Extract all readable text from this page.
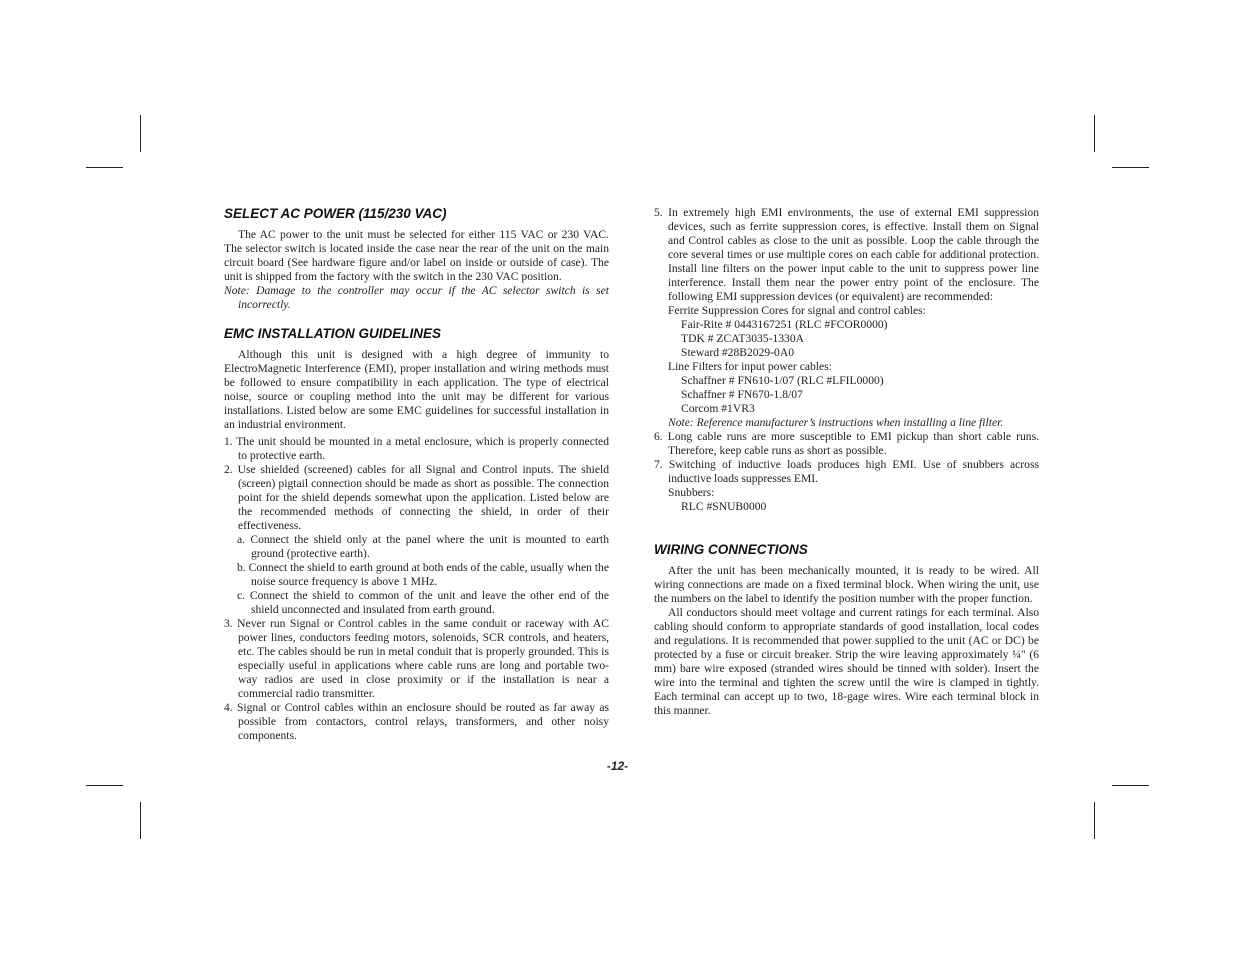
SELECT AC POWER (115/230 VAC)

The AC power to the unit must be selected for either 115 VAC or 230 VAC. The selector switch is located inside the case near the rear of the unit on the main circuit board (See hardware figure and/or label on inside or outside of case). The unit is shipped from the factory with the switch in the 230 VAC position.

Note: Damage to the controller may occur if the AC selector switch is set incorrectly.

EMC INSTALLATION GUIDELINES

Although this unit is designed with a high degree of immunity to ElectroMagnetic Interference (EMI), proper installation and wiring methods must be followed to ensure compatibility in each application. The type of electrical noise, source or coupling method into the unit may be different for various installations. Listed below are some EMC guidelines for successful installation in an industrial environment.

1. The unit should be mounted in a metal enclosure, which is properly connected to protective earth.

2. Use shielded (screened) cables for all Signal and Control inputs. The shield (screen) pigtail connection should be made as short as possible. The connection point for the shield depends somewhat upon the application. Listed below are the recommended methods of connecting the shield, in order of their effectiveness.

a. Connect the shield only at the panel where the unit is mounted to earth ground (protective earth).

b. Connect the shield to earth ground at both ends of the cable, usually when the noise source frequency is above 1 MHz.

c. Connect the shield to common of the unit and leave the other end of the shield unconnected and insulated from earth ground.

3. Never run Signal or Control cables in the same conduit or raceway with AC power lines, conductors feeding motors, solenoids, SCR controls, and heaters, etc. The cables should be run in metal conduit that is properly grounded. This is especially useful in applications where cable runs are long and portable two-way radios are used in close proximity or if the installation is near a commercial radio transmitter.

4. Signal or Control cables within an enclosure should be routed as far away as possible from contactors, control relays, transformers, and other noisy components.

5. In extremely high EMI environments, the use of external EMI suppression devices, such as ferrite suppression cores, is effective. Install them on Signal and Control cables as close to the unit as possible. Loop the cable through the core several times or use multiple cores on each cable for additional protection. Install line filters on the power input cable to the unit to suppress power line interference. Install them near the power entry point of the enclosure. The following EMI suppression devices (or equivalent) are recommended:

Ferrite Suppression Cores for signal and control cables:

Fair-Rite # 0443167251 (RLC #FCOR0000)

TDK # ZCAT3035-1330A

Steward #28B2029-0A0

Line Filters for input power cables:

Schaffner # FN610-1/07 (RLC #LFIL0000)

Schaffner # FN670-1.8/07

Corcom #1VR3

Note: Reference manufacturer’s instructions when installing a line filter.

6. Long cable runs are more susceptible to EMI pickup than short cable runs. Therefore, keep cable runs as short as possible.

7. Switching of inductive loads produces high EMI. Use of snubbers across inductive loads suppresses EMI.

Snubbers:

RLC #SNUB0000

WIRING CONNECTIONS

After the unit has been mechanically mounted, it is ready to be wired. All wiring connections are made on a fixed terminal block. When wiring the unit, use the numbers on the label to identify the position number with the proper function.

All conductors should meet voltage and current ratings for each terminal. Also cabling should conform to appropriate standards of good installation, local codes and regulations. It is recommended that power supplied to the unit (AC or DC) be protected by a fuse or circuit breaker. Strip the wire leaving approximately ¼" (6 mm) bare wire exposed (stranded wires should be tinned with solder). Insert the wire into the terminal and tighten the screw until the wire is clamped in tightly. Each terminal can accept up to two, 18-gage wires. Wire each terminal block in this manner.

-12-
